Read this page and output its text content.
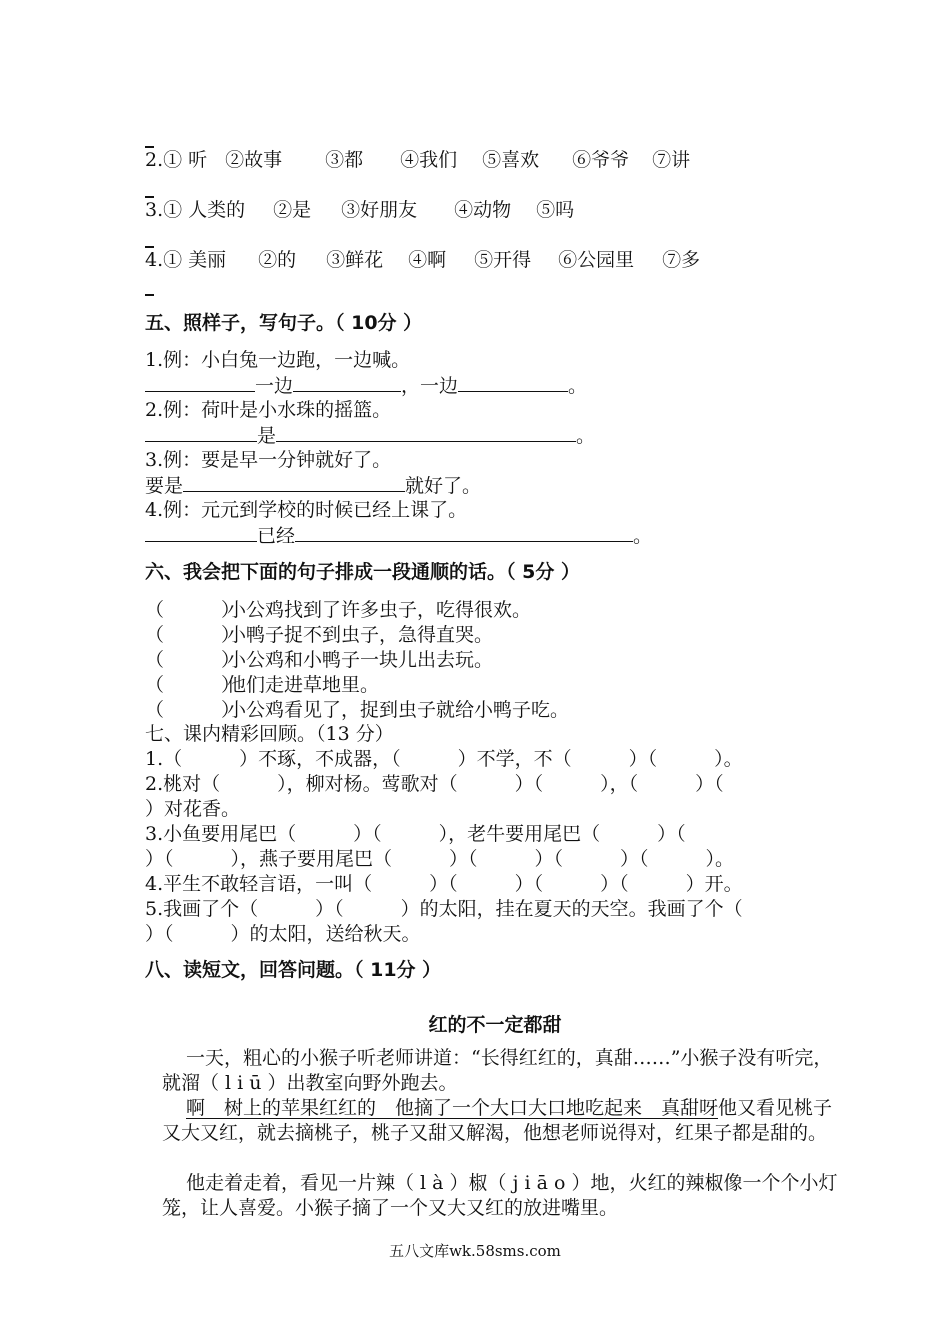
2.① 听 ②故事 ③都 ④我们 ⑤喜欢 ⑥爷爷 ⑦讲
3.① 人类的 ②是 ③好朋友 ④动物 ⑤吗
4.① 美丽 ②的 ③鲜花 ④啊 ⑤开得 ⑥公园里 ⑦多
五、照样子，写句子。（ 10分 ）
1.例：小白兔一边跑，一边喊。
一边	，一边	。
2.例：荷叶是小水珠的摇篮。
是	。
3.例：要是早一分钟就好了。
要是	就好了。
4.例：元元到学校的时候已经上课了。
已经	。
六、我会把下面的句子排成一段通顺的话。（ 5分 ）
（　　　）小公鸡找到了许多虫子，吃得很欢。
（　　　）小鸭子捉不到虫子，急得直哭。
（　　　）小公鸡和小鸭子一块儿出去玩。
（　　　）他们走进草地里。
（　　　）小公鸡看见了，捉到虫子就给小鸭子吃。
七、课内精彩回顾。（13 分）
1.（　　　）不琢，不成器，（　　　）不学，不（　　　）（　　　）。
2.桃对（　　　），柳对杨。莺歌对（　　　）（　　　），（　　　）（
）对花香。
3.小鱼要用尾巴（　　　）（　　　），老牛要用尾巴（　　　）（
）（　　　），燕子要用尾巴（　　　）（　　　）（　　　）（　　　）。
4.平生不敢轻言语，一叫（　　　）（　　　）（　　　）（　　　）开。
5.我画了个（　　　）（　　　）的太阳，挂在夏天的天空。我画了个（
）（　　　）的太阳，送给秋天。
八、读短文，回答问题。（ 11分 ）
红的不一定都甜
一天，粗心的小猴子听老师讲道：“长得红红的，真甜……”小猴子没有听完，就溜（ l i ū ）出教室向野外跑去。
啊　树上的苹果红红的　他摘了一个大口大口地吃起来　真甜呀他又看见桃子又大又红，就去摘桃子，桃子又甜又解渴，他想老师说得对，红果子都是甜的。
他走着走着，看见一片辣（ l à ）椒（ j i ā o ）地，火红的辣椒像一个个小灯笼，让人喜爱。小猴子摘了一个又大又红的放进嘴里。
五八文库wk.58sms.com
